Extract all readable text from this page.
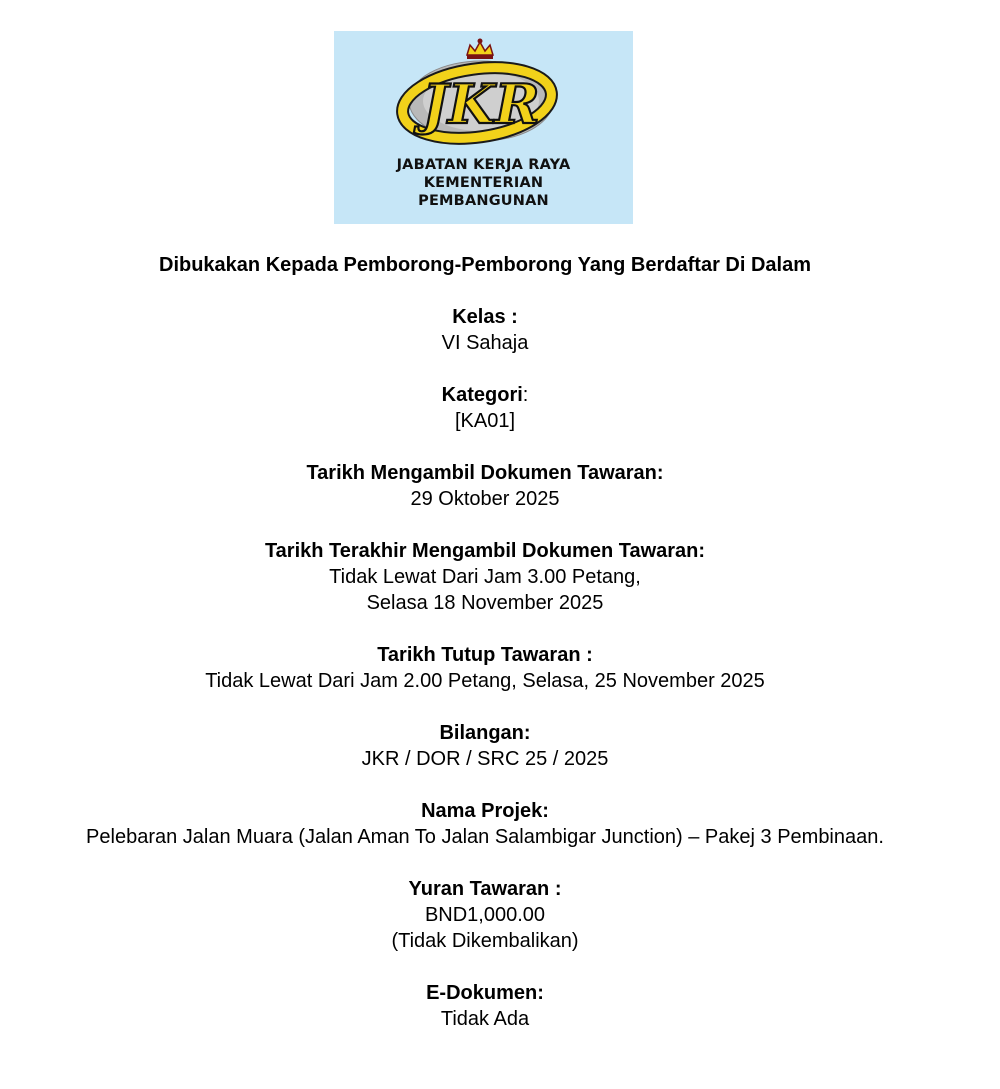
JKR
JABATAN KERJA RAYA
KEMENTERIAN
PEMBANGUNAN
Dibukakan Kepada Pemborong-Pemborong Yang Berdaftar Di Dalam
Kelas :
VI Sahaja
Kategori:
[KA01]
Tarikh Mengambil Dokumen Tawaran:
29 Oktober 2025
Tarikh Terakhir Mengambil Dokumen Tawaran:
Tidak Lewat Dari Jam 3.00 Petang,
Selasa 18 November 2025
Tarikh Tutup Tawaran :
Tidak Lewat Dari Jam 2.00 Petang, Selasa, 25 November 2025
Bilangan:
JKR / DOR / SRC 25 / 2025
Nama Projek:
Pelebaran Jalan Muara (Jalan Aman To Jalan Salambigar Junction) – Pakej 3 Pembinaan.
Yuran Tawaran :
BND1,000.00
(Tidak Dikembalikan)
E-Dokumen:
Tidak Ada
